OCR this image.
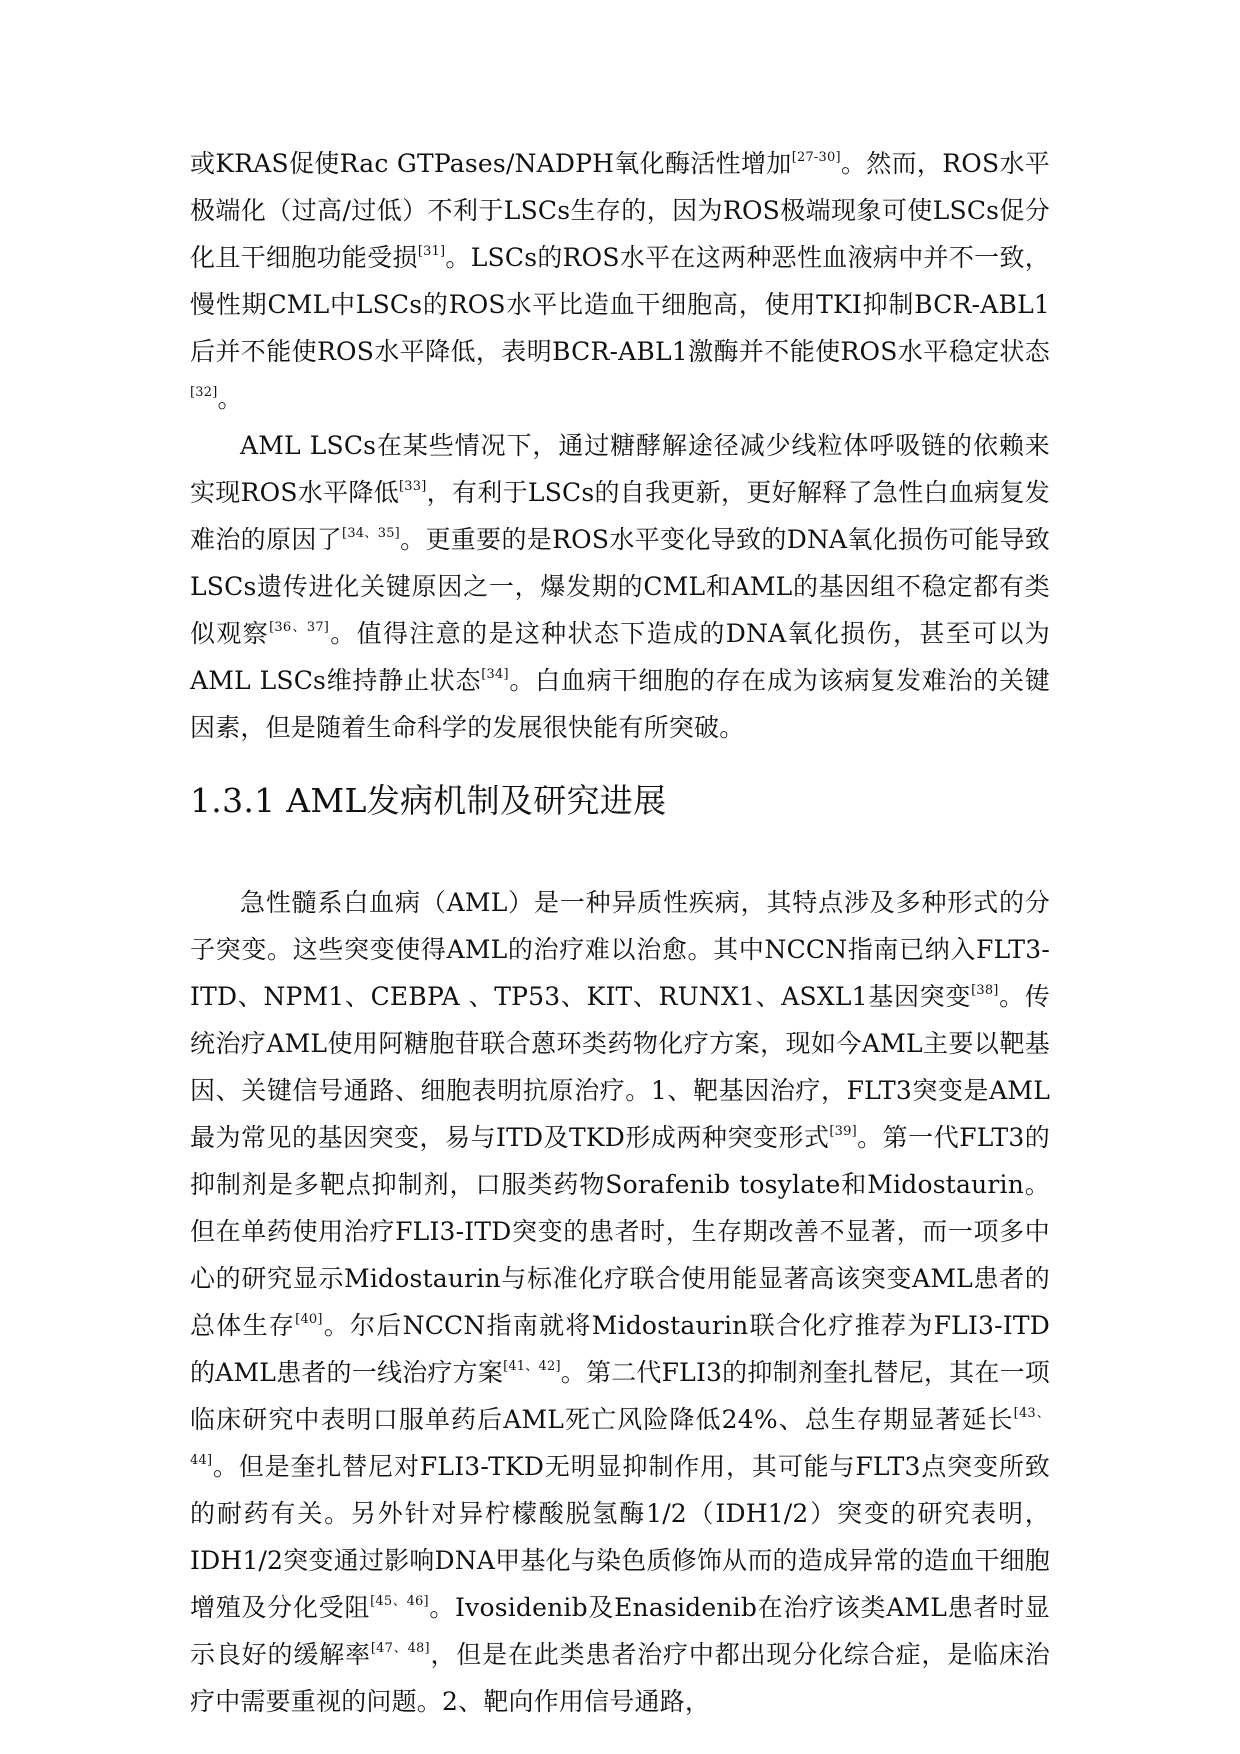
或KRAS促使Rac GTPases/NADPH氧化酶活性增加[27-30]。然而，ROS水平极端化（过高/过低）不利于LSCs生存的，因为ROS极端现象可使LSCs促分化且干细胞功能受损[31]。LSCs的ROS水平在这两种恶性血液病中并不一致，慢性期CML中LSCs的ROS水平比造血干细胞高，使用TKI抑制BCR-ABL1后并不能使ROS水平降低，表明BCR-ABL1激酶并不能使ROS水平稳定状态[32]。

AML LSCs在某些情况下，通过糖酵解途径减少线粒体呼吸链的依赖来实现ROS水平降低[33]，有利于LSCs的自我更新，更好解释了急性白血病复发难治的原因了[34、35]。更重要的是ROS水平变化导致的DNA氧化损伤可能导致LSCs遗传进化关键原因之一，爆发期的CML和AML的基因组不稳定都有类似观察[36、37]。值得注意的是这种状态下造成的DNA氧化损伤，甚至可以为AML LSCs维持静止状态[34]。白血病干细胞的存在成为该病复发难治的关键因素，但是随着生命科学的发展很快能有所突破。

1.3.1 AML发病机制及研究进展

急性髓系白血病（AML）是一种异质性疾病，其特点涉及多种形式的分子突变。这些突变使得AML的治疗难以治愈。其中NCCN指南已纳入FLT3-ITD、NPM1、CEBPA 、TP53、KIT、RUNX1、ASXL1基因突变[38]。传统治疗AML使用阿糖胞苷联合蒽环类药物化疗方案，现如今AML主要以靶基因、关键信号通路、细胞表明抗原治疗。1、靶基因治疗，FLT3突变是AML最为常见的基因突变，易与ITD及TKD形成两种突变形式[39]。第一代FLT3的抑制剂是多靶点抑制剂，口服类药物Sorafenib tosylate和Midostaurin。但在单药使用治疗FLI3-ITD突变的患者时，生存期改善不显著，而一项多中心的研究显示Midostaurin与标准化疗联合使用能显著高该突变AML患者的总体生存[40]。尔后NCCN指南就将Midostaurin联合化疗推荐为FLI3-ITD的AML患者的一线治疗方案[41、42]。第二代FLI3的抑制剂奎扎替尼，其在一项临床研究中表明口服单药后AML死亡风险降低24%、总生存期显著延长[43、44]。但是奎扎替尼对FLI3-TKD无明显抑制作用，其可能与FLT3点突变所致的耐药有关。另外针对异柠檬酸脱氢酶1/2（IDH1/2）突变的研究表明，IDH1/2突变通过影响DNA甲基化与染色质修饰从而的造成异常的造血干细胞增殖及分化受阻[45、46]。Ivosidenib及Enasidenib在治疗该类AML患者时显示良好的缓解率[47、48]，但是在此类患者治疗中都出现分化综合症，是临床治疗中需要重视的问题。2、靶向作用信号通路，
